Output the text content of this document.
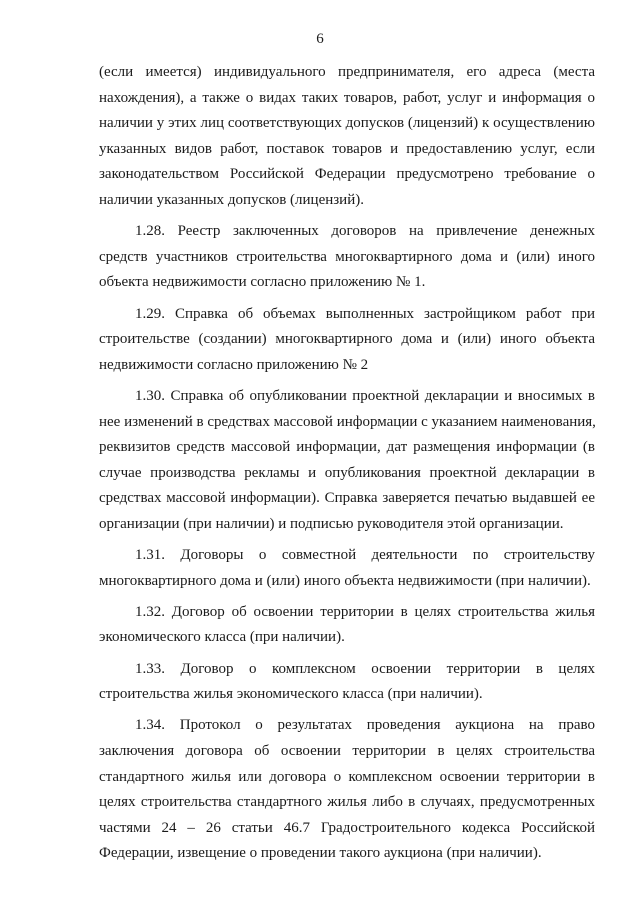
6
(если имеется) индивидуального предпринимателя, его адреса (места
нахождения), а также о видах таких товаров, работ, услуг и информация о
наличии у этих лиц соответствующих допусков (лицензий) к осуществлению
указанных видов работ, поставок товаров и предоставлению услуг, если
законодательством Российской Федерации предусмотрено требование о
наличии указанных допусков (лицензий).
1.28. Реестр заключенных договоров на привлечение денежных
средств участников строительства многоквартирного дома и (или) иного
объекта недвижимости согласно приложению № 1.
1.29. Справка об объемах выполненных застройщиком работ при
строительстве (создании) многоквартирного дома и (или) иного объекта
недвижимости согласно приложению № 2
1.30. Справка об опубликовании проектной декларации и вносимых в
нее изменений в средствах массовой информации с указанием наименования,
реквизитов средств массовой информации, дат размещения информации (в
случае производства рекламы и опубликования проектной декларации в
средствах массовой информации). Справка заверяется печатью выдавшей ее
организации (при наличии) и подписью руководителя этой организации.
1.31. Договоры о совместной деятельности по строительству
многоквартирного дома и (или) иного объекта недвижимости (при наличии).
1.32. Договор об освоении территории в целях строительства жилья
экономического класса (при наличии).
1.33. Договор о комплексном освоении территории в целях
строительства жилья экономического класса (при наличии).
1.34. Протокол о результатах проведения аукциона на право
заключения договора об освоении территории в целях строительства
стандартного жилья или договора о комплексном освоении территории в
целях строительства стандартного жилья либо в случаях, предусмотренных
частями 24 – 26 статьи 46.7 Градостроительного кодекса Российской
Федерации, извещение о проведении такого аукциона (при наличии).
